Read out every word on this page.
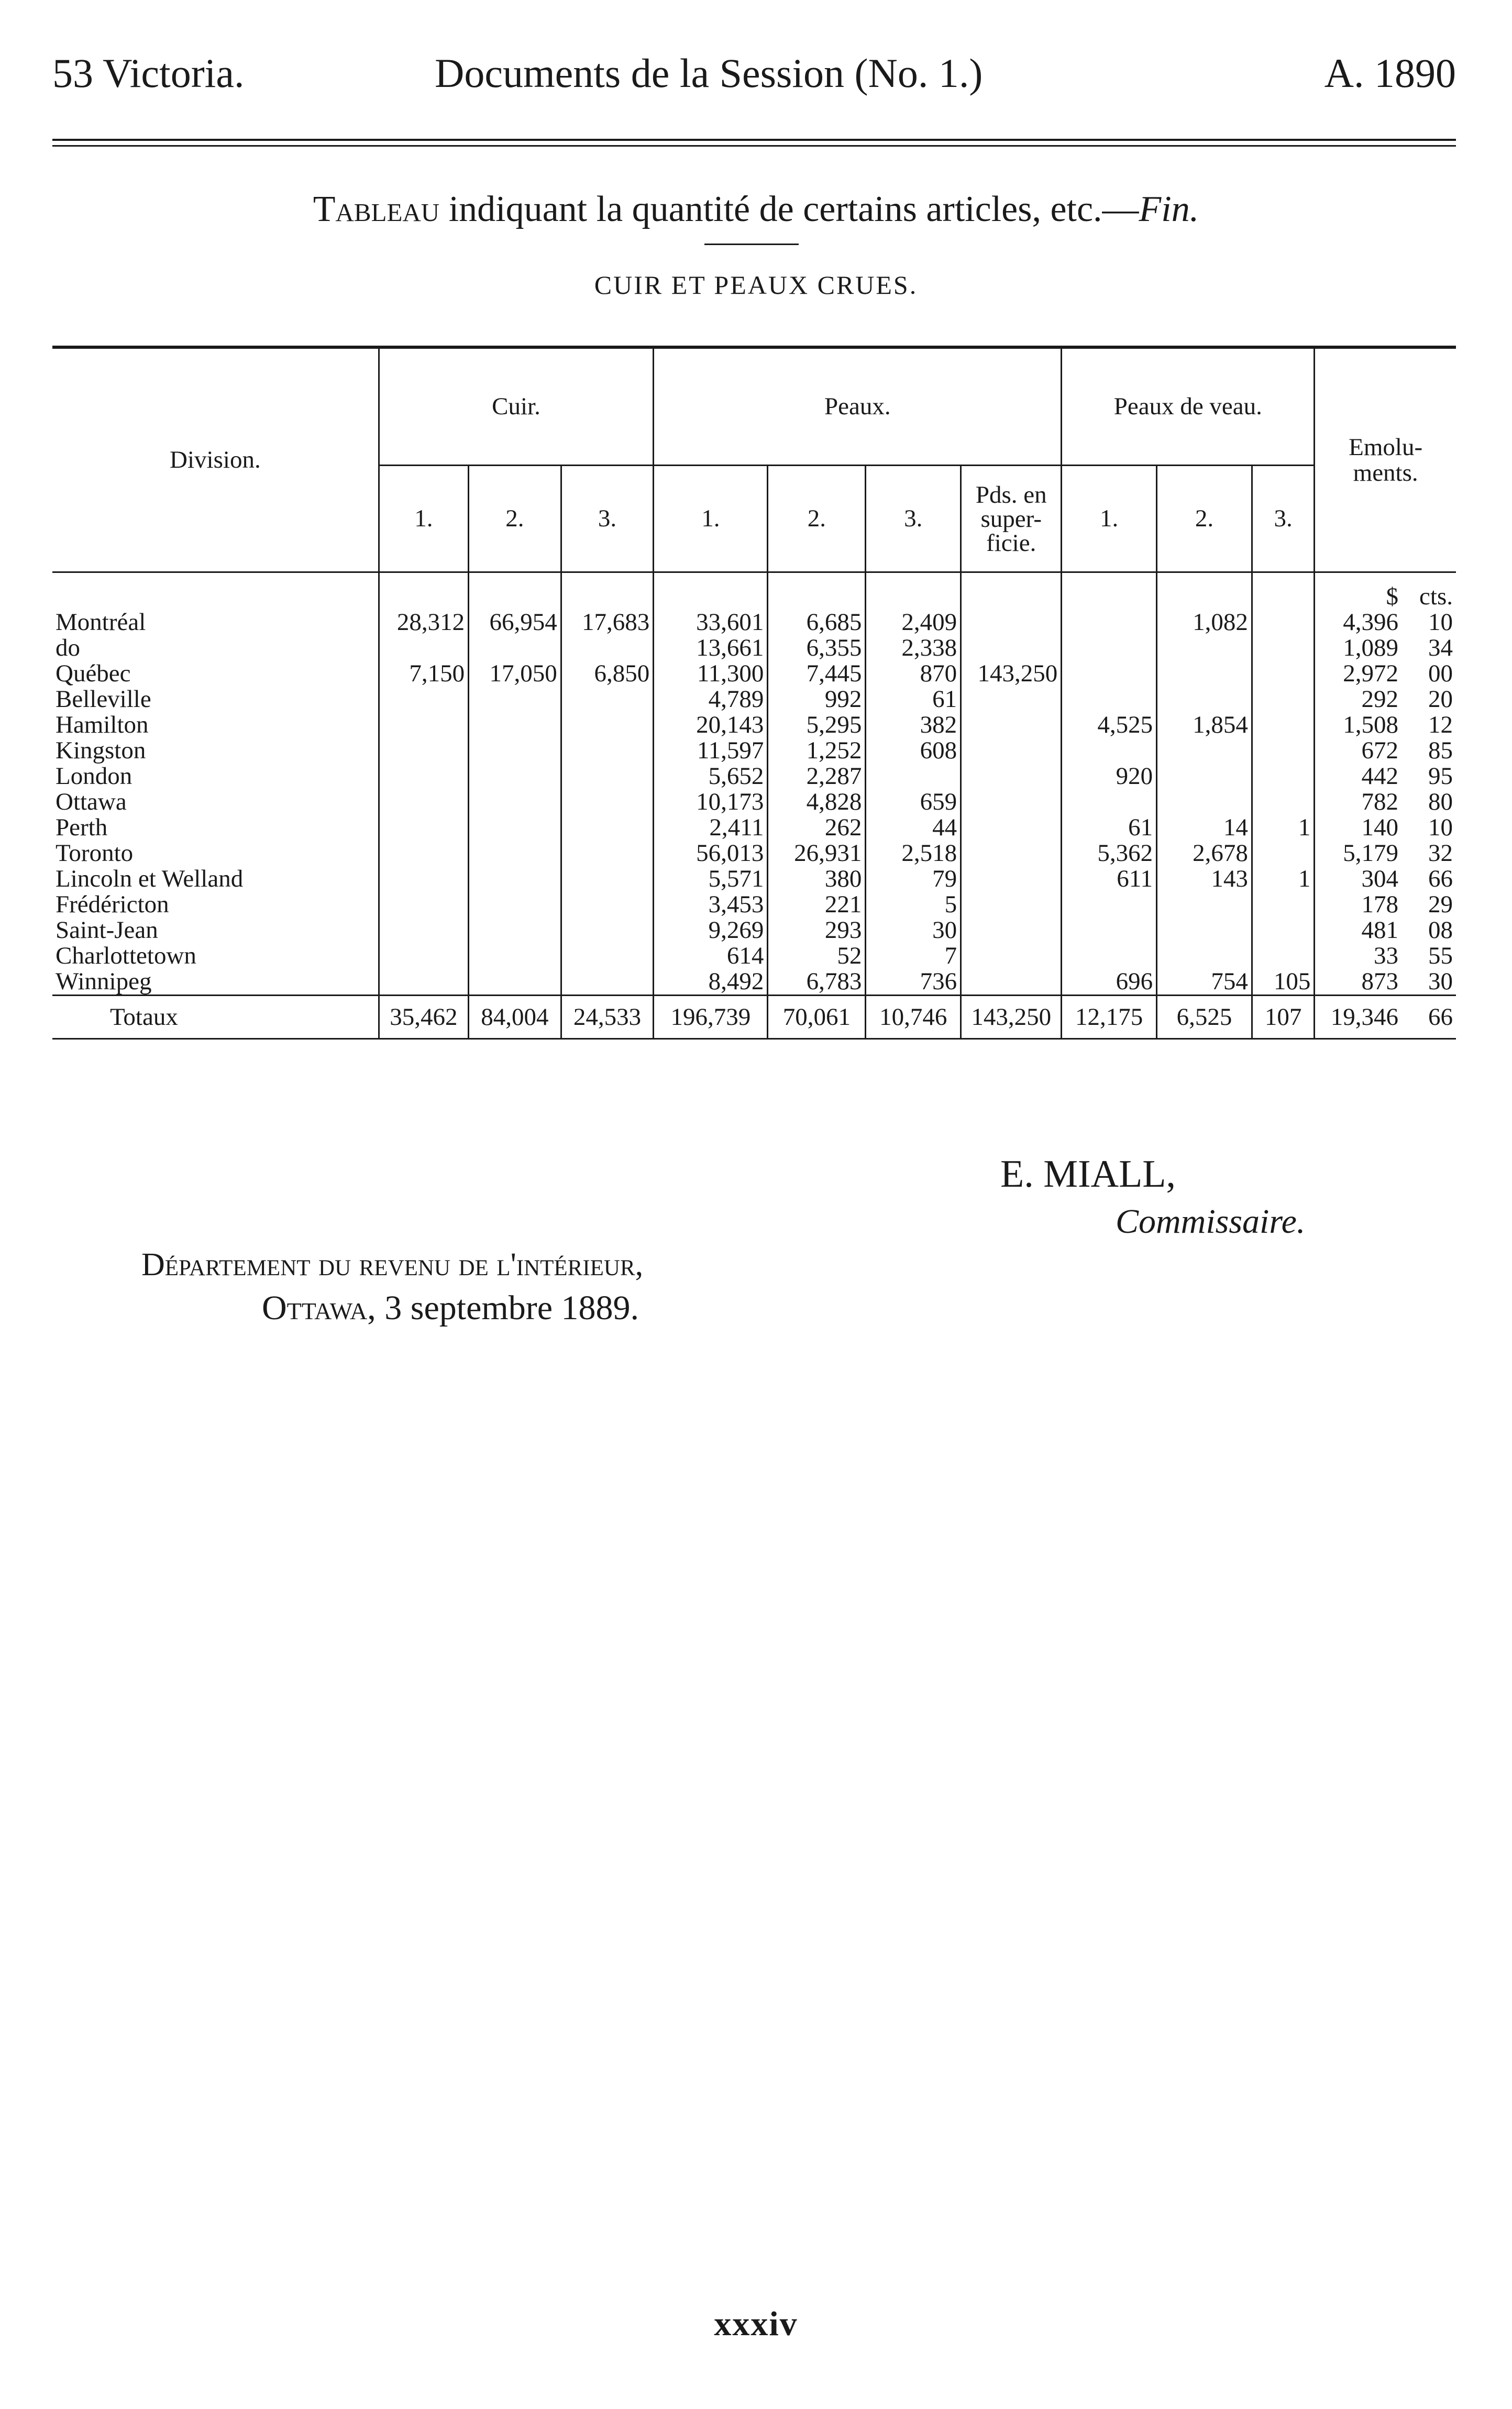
53 Victoria.	Documents de la Session (No. 1.)	A. 1890
Tableau indiquant la quantité de certains articles, etc.—Fin.
CUIR ET PEAUX CRUES.
Division.	Cuir.			Peaux.				Peaux de veau.			Emolu-ments.	
	1.	2.	3.	1.	2.	3.	Pds. en super-ficie.	1.	2.	3.		
											$	cts.
Montréal	28,312	66,954	17,683	33,601	6,685	2,409			1,082		4,396	10
do				13,661	6,355	2,338					1,089	34
Québec	7,150	17,050	6,850	11,300	7,445	870	143,250				2,972	00
Belleville				4,789	992	61					292	20
Hamilton				20,143	5,295	382		4,525	1,854		1,508	12
Kingston				11,597	1,252	608					672	85
London				5,652	2,287			920			442	95
Ottawa				10,173	4,828	659					782	80
Perth				2,411	262	44		61	14	1	140	10
Toronto				56,013	26,931	2,518		5,362	2,678		5,179	32
Lincoln et Welland				5,571	380	79		611	143	1	304	66
Frédéricton				3,453	221	5					178	29
Saint-Jean				9,269	293	30					481	08
Charlottetown				614	52	7					33	55
Winnipeg				8,492	6,783	736		696	754	105	873	30
Totaux	35,462	84,004	24,533	196,739	70,061	10,746	143,250	12,175	6,525	107	19,346	66
E. MIALL,
Commissaire.
Département du revenu de l'intérieur,
Ottawa, 3 septembre 1889.
xxxiv
